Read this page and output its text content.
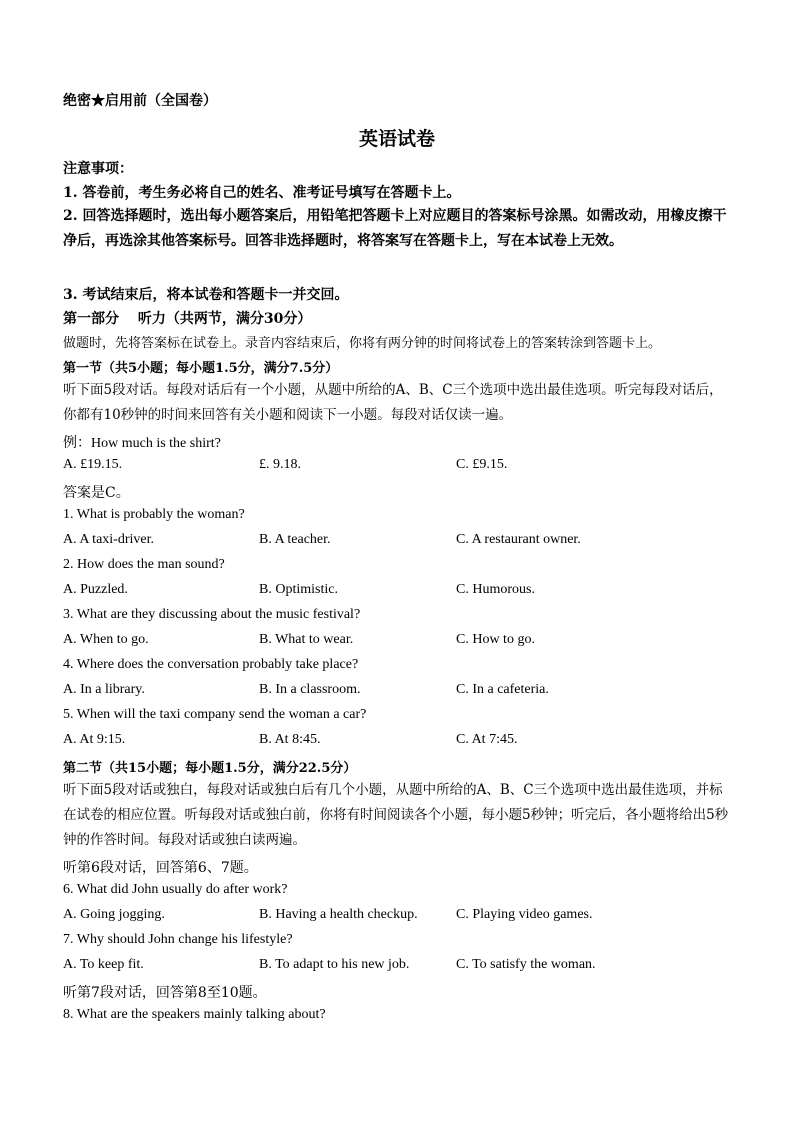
绝密★启用前（全国卷）
英语试卷
注意事项：
1. 答卷前，考生务必将自己的姓名、准考证号填写在答题卡上。
2. 回答选择题时，选出每小题答案后，用铅笔把答题卡上对应题目的答案标号涂黑。如需改动，用橡皮擦干净后，再选涂其他答案标号。回答非选择题时，将答案写在答题卡上，写在本试卷上无效。
3. 考试结束后，将本试卷和答题卡一并交回。
第一部分　 听力（共两节，满分30分）
做题时，先将答案标在试卷上。录音内容结束后，你将有两分钟的时间将试卷上的答案转涂到答题卡上。
第一节（共5小题；每小题1.5分，满分7.5分）
听下面5段对话。每段对话后有一个小题，从题中所给的A、B、C三个选项中选出最佳选项。听完每段对话后，你都有10秒钟的时间来回答有关小题和阅读下一小题。每段对话仅读一遍。
例：How much is the shirt?
A. £19.15.	£. 9.18.	C. £9.15.
答案是C。
1. What is probably the woman?
A. A taxi-driver.	B. A teacher.	C. A restaurant owner.
2. How does the man sound?
A. Puzzled.	B. Optimistic.	C. Humorous.
3. What are they discussing about the music festival?
A. When to go.	B. What to wear.	C. How to go.
4. Where does the conversation probably take place?
A. In a library.	B. In a classroom.	C. In a cafeteria.
5. When will the taxi company send the woman a car?
A. At 9:15.	B. At 8:45.	C. At 7:45.
第二节（共15小题；每小题1.5分，满分22.5分）
听下面5段对话或独白，每段对话或独白后有几个小题，从题中所给的A、B、C三个选项中选出最佳选项，并标在试卷的相应位置。听每段对话或独白前，你将有时间阅读各个小题，每小题5秒钟；听完后，各小题将给出5秒钟的作答时间。每段对话或独白读两遍。
听第6段对话，回答第6、7题。
6. What did John usually do after work?
A. Going jogging.	B. Having a health checkup.	C. Playing video games.
7. Why should John change his lifestyle?
A. To keep fit.	B. To adapt to his new job.	C. To satisfy the woman.
听第7段对话，回答第8至10题。
8. What are the speakers mainly talking about?
